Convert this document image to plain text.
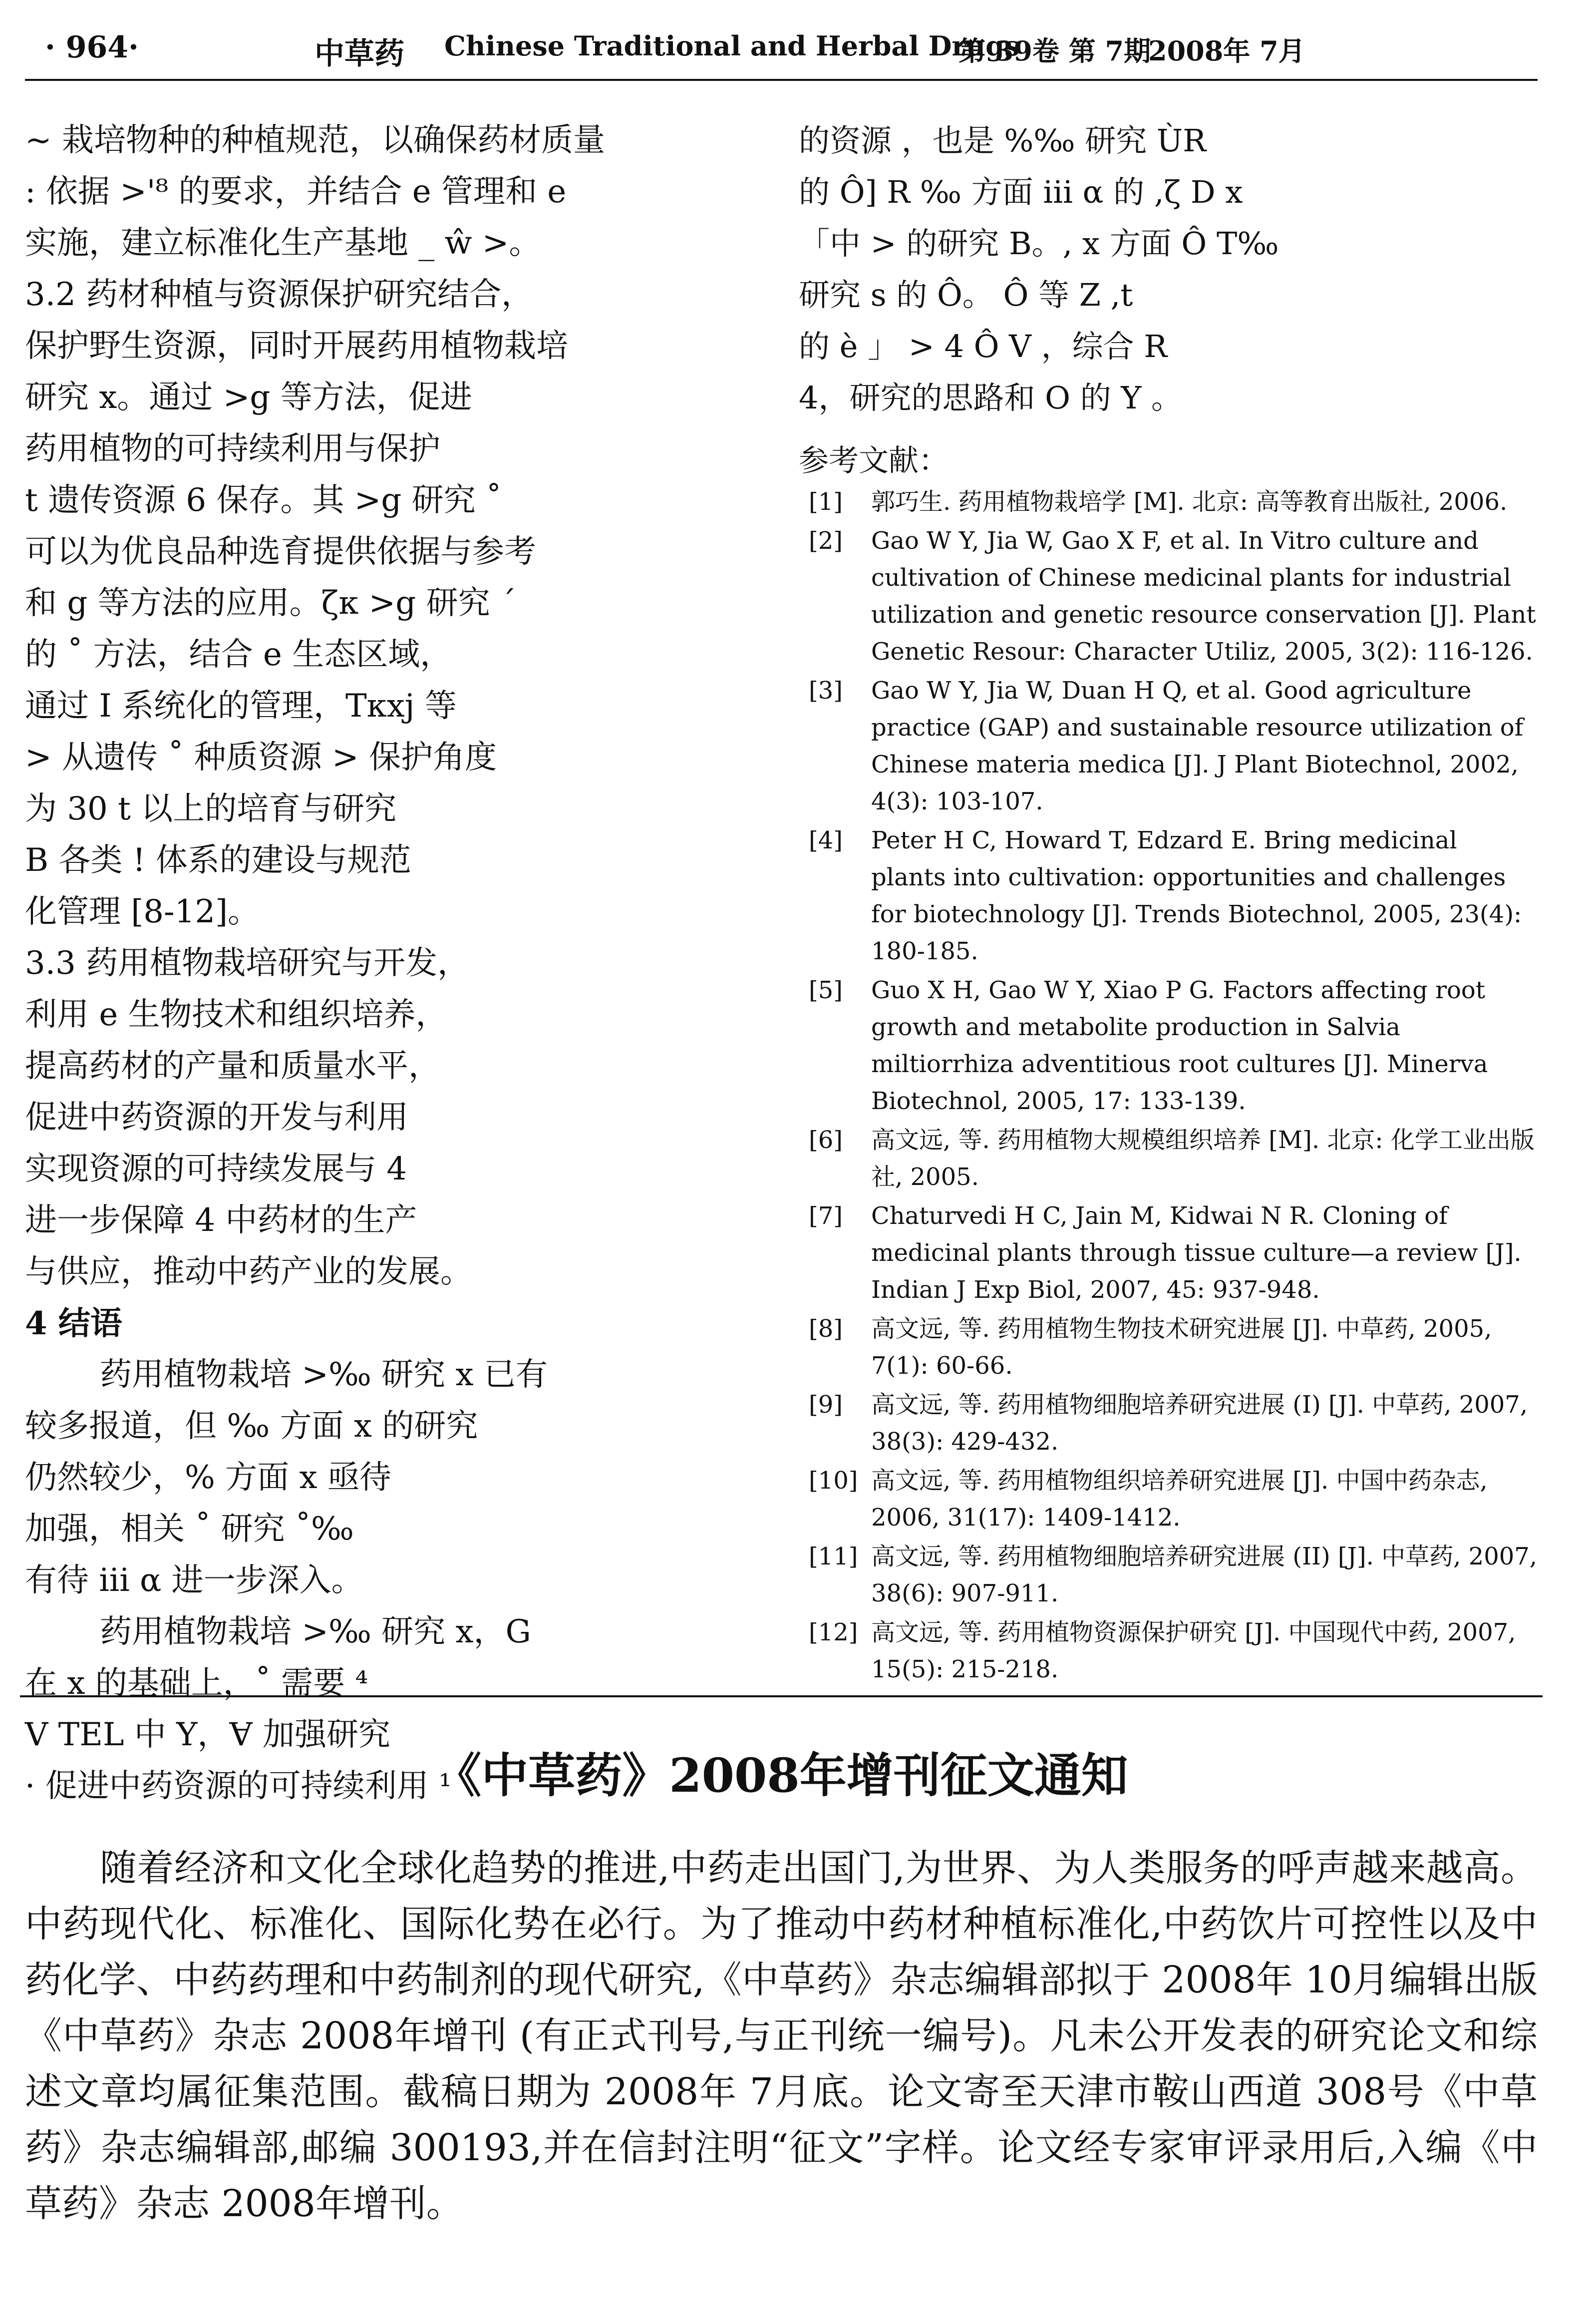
· 964·	中草药 Chinese Traditional and Herbal Drugs
第 39卷 第 7期
2008年 7月
~ 栽培物种的种植规范，以确保药材质量
: 依据 >'⁸ 的要求，并结合 e 管理和 e
实施，建立标准化生产基地 _ ŵ >。
3.2 药材种植与资源保护研究结合，
保护野生资源，同时开展药用植物栽培
研究 x。通过 >g 等方法，促进
药用植物的可持续利用与保护
t 遗传资源 6 保存。其 >g 研究 ˚
可以为优良品种选育提供依据与参考
和 g 等方法的应用。ζκ >g 研究 ´
的 ˚ 方法，结合 e 生态区域，
通过 I 系统化的管理，Tκxj 等
> 从遗传 ˚ 种质资源 > 保护角度
为 30 t 以上的培育与研究
B 各类 ! 体系的建设与规范
化管理 [8-12]。
3.3 药用植物栽培研究与开发，
利用 e 生物技术和组织培养，
提高药材的产量和质量水平，
促进中药资源的开发与利用
实现资源的可持续发展与 4
进一步保障 4 中药材的生产
与供应，推动中药产业的发展。
4 结语
药用植物栽培 >‰ 研究 x 已有
较多报道，但 ‰ 方面 x 的研究
仍然较少，% 方面 x 亟待
加强，相关 ˚ 研究 ˚‰
有待 iii α 进一步深入。
药用植物栽培 >‰ 研究 x，G
在 x 的基础上，˚ 需要 ⁴
V TEL 中 Y，Ɐ 加强研究
· 促进中药资源的可持续利用 ¹
的资源 ，也是 %‰ 研究 ÙR
的 Ô] R ‰ 方面 iii α 的 ,ζ D x
「中 > 的研究 B。, x 方面 Ô T‰
研究 s 的 Ô。 Ô 等 Z ,t
的 è 」 > 4 Ô V ，综合 R
4，研究的思路和 O 的 Y 。
参考文献：
[1] 郭巧生. 药用植物栽培学 [M]. 北京: 高等教育出版社, 2006.
[2] Gao W Y, Jia W, Gao X F, et al. In Vitro culture and cultivation of Chinese medicinal plants for industrial utilization and genetic resource conservation [J]. Plant Genetic Resour: Character Utiliz, 2005, 3(2): 116-126.
[3] Gao W Y, Jia W, Duan H Q, et al. Good agriculture practice (GAP) and sustainable resource utilization of Chinese materia medica [J]. J Plant Biotechnol, 2002, 4(3): 103-107.
[4] Peter H C, Howard T, Edzard E. Bring medicinal plants into cultivation: opportunities and challenges for biotechnology [J]. Trends Biotechnol, 2005, 23(4): 180-185.
[5] Guo X H, Gao W Y, Xiao P G. Factors affecting root growth and metabolite production in Salvia miltiorrhiza adventitious root cultures [J]. Minerva Biotechnol, 2005, 17: 133-139.
[6] 高文远, 等. 药用植物大规模组织培养 [M]. 北京: 化学工业出版社, 2005.
[7] Chaturvedi H C, Jain M, Kidwai N R. Cloning of medicinal plants through tissue culture—a review [J]. Indian J Exp Biol, 2007, 45: 937-948.
[8] 高文远, 等. 药用植物生物技术研究进展 [J]. 中草药, 2005, 7(1): 60-66.
[9] 高文远, 等. 药用植物细胞培养研究进展 (I) [J]. 中草药, 2007, 38(3): 429-432.
[10] 高文远, 等. 药用植物组织培养研究进展 [J]. 中国中药杂志, 2006, 31(17): 1409-1412.
[11] 高文远, 等. 药用植物细胞培养研究进展 (II) [J]. 中草药, 2007, 38(6): 907-911.
[12] 高文远, 等. 药用植物资源保护研究 [J]. 中国现代中药, 2007, 15(5): 215-218.
《中草药》2008年增刊征文通知

随着经济和文化全球化趋势的推进,中药走出国门,为世界、为人类服务的呼声越来越高。中药现代化、标准化、国际化势在必行。为了推动中药材种植标准化,中药饮片可控性以及中药化学、中药药理和中药制剂的现代研究,《中草药》杂志编辑部拟于 2008年 10月编辑出版《中草药》杂志 2008年增刊 (有正式刊号,与正刊统一编号)。凡未公开发表的研究论文和综述文章均属征集范围。截稿日期为 2008年 7月底。论文寄至天津市鞍山西道 308号《中草药》杂志编辑部,邮编 300193,并在信封注明“征文”字样。论文经专家审评录用后,入编《中草药》杂志 2008年增刊。
